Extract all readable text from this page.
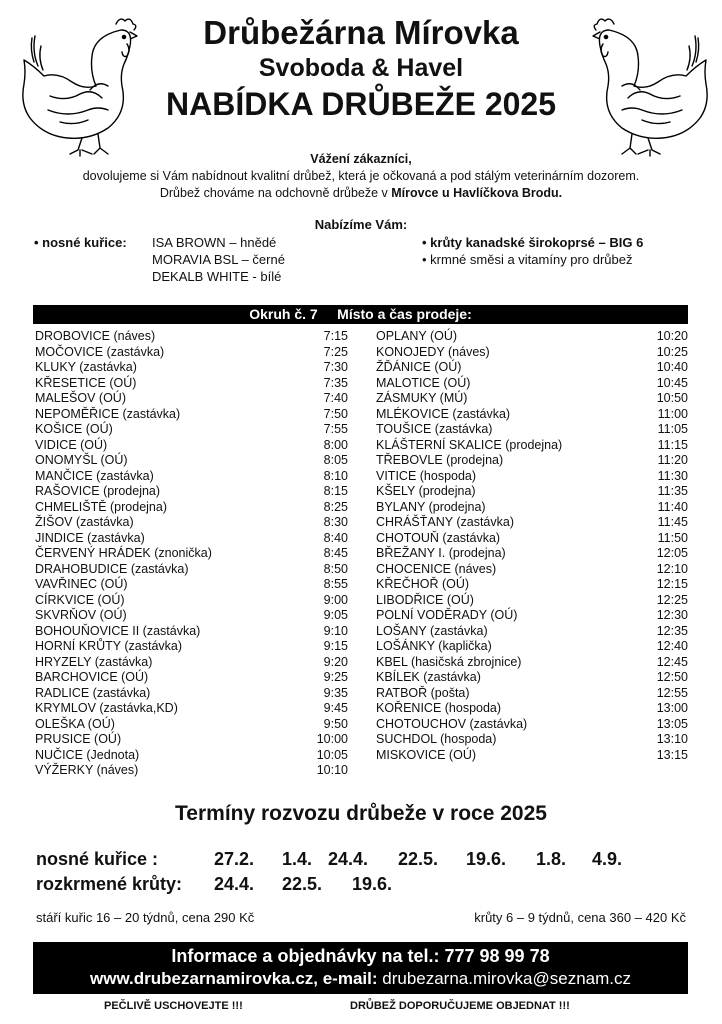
Drůbežárna Mírovka
Svoboda & Havel
NABÍDKA DRŮBEŽE 2025
Vážení zákazníci,
dovolujeme si Vám nabídnout kvalitní drůbež, která je očkovaná a pod stálým veterinárním dozorem.
Drůbež chováme na odchovně drůbeže v Mírovce u Havlíčkova Brodu.
Nabízíme Vám:
• nosné kuřice: ISA BROWN – hnědé
MORAVIA BSL – černé
DEKALB WHITE - bílé
• krůty kanadské širokoprsé – BIG 6
• krmné směsi a vitamíny pro drůbež
Okruh č. 7     Místo a čas prodeje:
DROBOVICE (náves)	7:15
MOČOVICE (zastávka)	7:25
KLUKY (zastávka)	7:30
KŘESETICE (OÚ)	7:35
MALEŠOV (OÚ)	7:40
NEPOMĚŘICE (zastávka)	7:50
KOŠICE (OÚ)	7:55
VIDICE (OÚ)	8:00
ONOMYŠL (OÚ)	8:05
MANČICE (zastávka)	8:10
RAŠOVICE (prodejna)	8:15
CHMELIŠTĚ (prodejna)	8:25
ŽIŠOV (zastávka)	8:30
JINDICE (zastávka)	8:40
ČERVENÝ HRÁDEK (znonička)	8:45
DRAHOBUDICE (zastávka)	8:50
VAVŘINEC (OÚ)	8:55
CÍRKVICE (OÚ)	9:00
SKVRŇOV (OÚ)	9:05
BOHOUŇOVICE II (zastávka)	9:10
HORNÍ KRŮTY (zastávka)	9:15
HRYZELY (zastávka)	9:20
BARCHOVICE (OÚ)	9:25
RADLICE (zastávka)	9:35
KRYMLOV (zastávka,KD)	9:45
OLEŠKA (OÚ)	9:50
PRUSICE (OÚ)	10:00
NUČICE (Jednota)	10:05
VÝŽERKY (náves)	10:10
OPLANY (OÚ)	10:20
KONOJEDY (náves)	10:25
ŽĎÁNICE (OÚ)	10:40
MALOTICE (OÚ)	10:45
ZÁSMUKY (MÚ)	10:50
MLÉKOVICE (zastávka)	11:00
TOUŠICE (zastávka)	11:05
KLÁŠTERNÍ SKALICE (prodejna)	11:15
TŘEBOVLE (prodejna)	11:20
VITICE (hospoda)	11:30
KŠELY (prodejna)	11:35
BYLANY (prodejna)	11:40
CHRÁŠŤANY (zastávka)	11:45
CHOTOUŇ (zastávka)	11:50
BŘEŽANY I. (prodejna)	12:05
CHOCENICE (náves)	12:10
KŘEČHOŘ (OÚ)	12:15
LIBODŘICE (OÚ)	12:25
POLNÍ VODĚRADY (OÚ)	12:30
LOŠANY (zastávka)	12:35
LOŠÁNKY (kaplička)	12:40
KBEL (hasičská zbrojnice)	12:45
KBÍLEK (zastávka)	12:50
RATBOŘ (pošta)	12:55
KOŘENICE (hospoda)	13:00
CHOTOUCHOV (zastávka)	13:05
SUCHDOL (hospoda)	13:10
MISKOVICE (OÚ)	13:15
Termíny rozvozu drůbeže v roce 2025
nosné kuřice :	27.2. 1.4. 24.4. 22.5. 19.6. 1.8. 4.9.
rozkrmené krůty: 24.4. 22.5. 19.6.
stáří kuřic 16 – 20 týdnů, cena 290 Kč	krůty 6 – 9 týdnů, cena 360 – 420 Kč
Informace a objednávky na tel.: 777 98 99 78
www.drubezarnamirovka.cz, e-mail: drubezarna.mirovka@seznam.cz
PEČLIVĚ USCHOVEJTE !!!	DRŮBEŽ DOPORUČUJEME OBJEDNAT !!!
